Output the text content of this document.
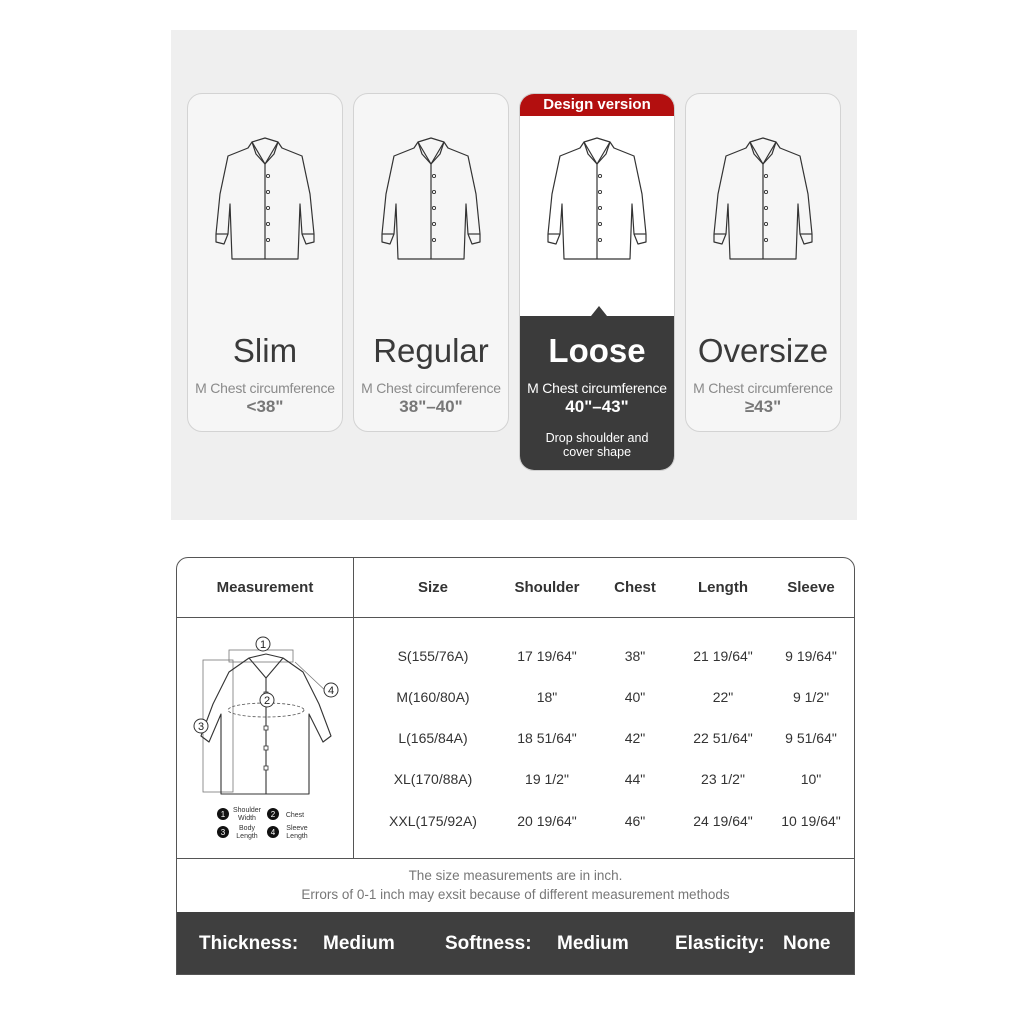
Slim
M Chest circumference
<38"
Regular
M Chest circumference
38"–40"
Design version
Loose
M Chest circumference
40"–43"
Drop shoulder and
cover shape
Oversize
M Chest circumference
≥43"
Measurement	Size	Shoulder	Chest	Length	Sleeve
1
2
3
4
1	2
3	4
Shoulder
Width	Chest
Body
Length
Sleeve
Length
S(155/76A)	17 19/64"	38"	21 19/64"	9 19/64"
M(160/80A)	18"	40"	22"	9 1/2"
L(165/84A)	18 51/64"	42"	22 51/64"	9 51/64"
XL(170/88A)	19 1/2"	44"	23 1/2"	10"
XXL(175/92A)	20 19/64"	46"	24 19/64"	10 19/64"
The size measurements are in inch.
Errors of 0-1 inch may exsit because of different measurement methods
Thickness: Medium	Softness: Medium Elasticity: None
